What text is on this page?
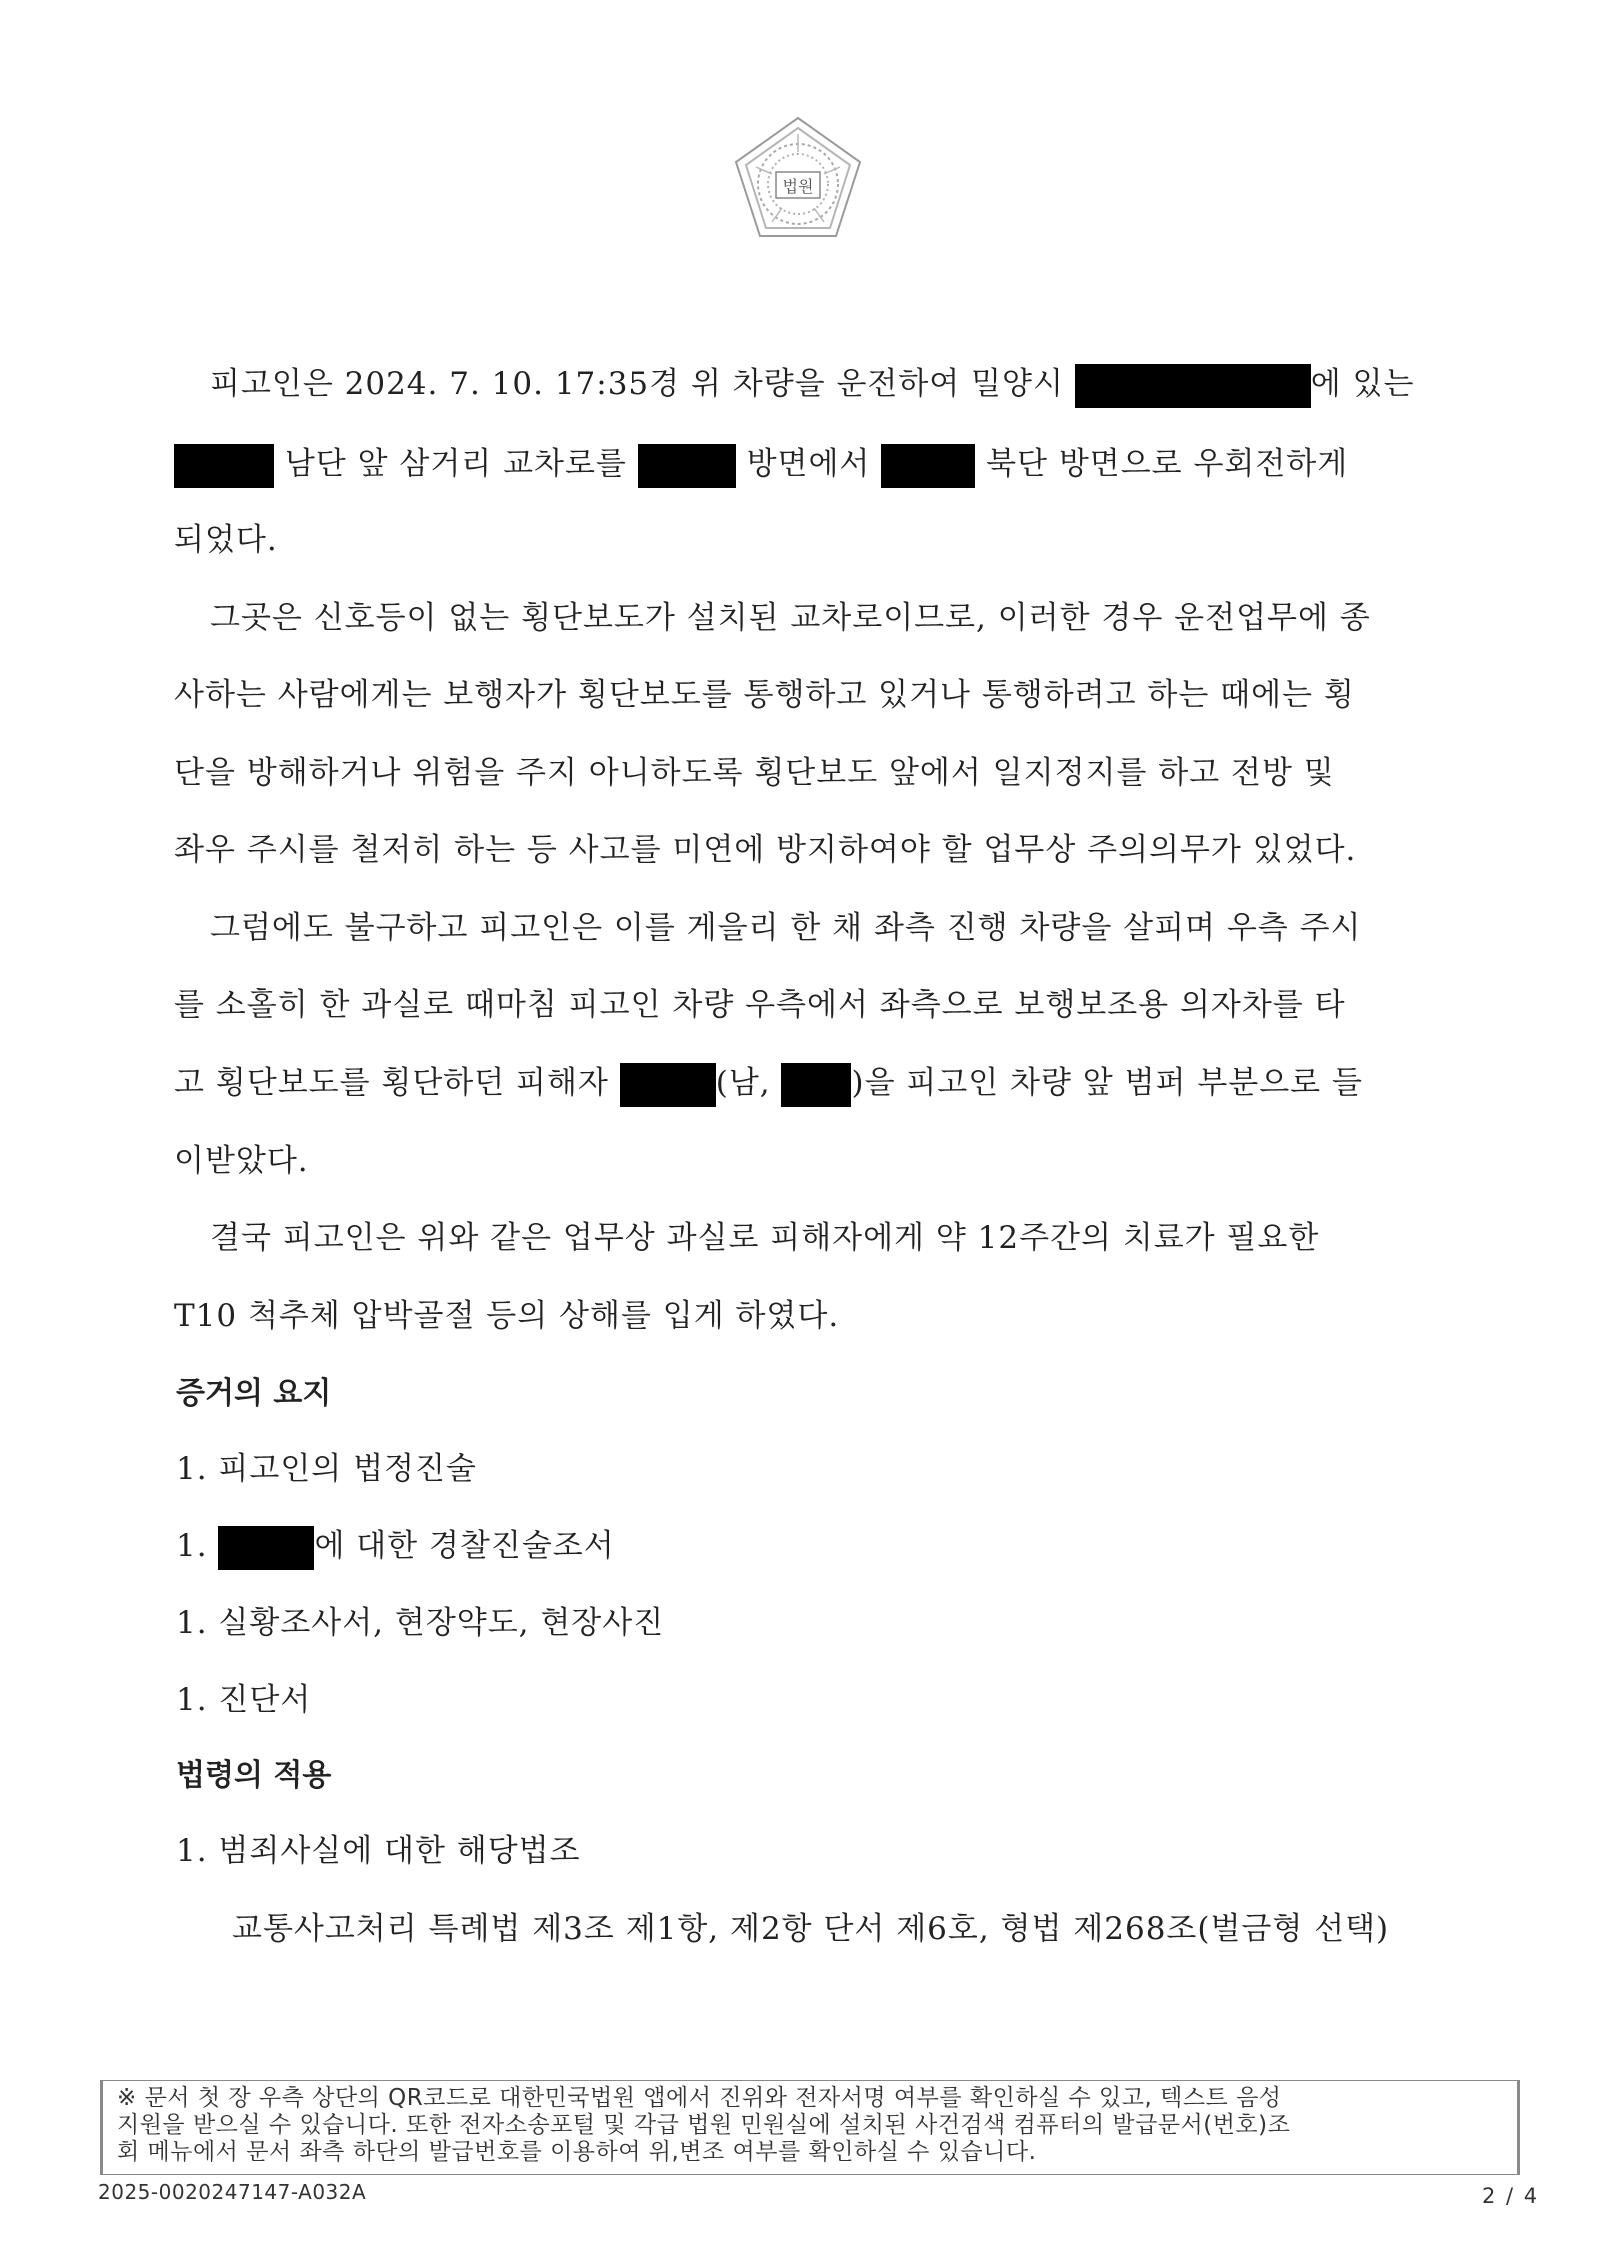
법원
피고인은 2024. 7. 10. 17:35경 위 차량을 운전하여 밀양시	에 있는
남단 앞 삼거리 교차로를	방면에서	북단 방면으로 우회전하게
되었다.
그곳은 신호등이 없는 횡단보도가 설치된 교차로이므로, 이러한 경우 운전업무에 종
사하는 사람에게는 보행자가 횡단보도를 통행하고 있거나 통행하려고 하는 때에는 횡
단을 방해하거나 위험을 주지 아니하도록 횡단보도 앞에서 일지정지를 하고 전방 및
좌우 주시를 철저히 하는 등 사고를 미연에 방지하여야 할 업무상 주의의무가 있었다.
그럼에도 불구하고 피고인은 이를 게을리 한 채 좌측 진행 차량을 살피며 우측 주시
를 소홀히 한 과실로 때마침 피고인 차량 우측에서 좌측으로 보행보조용 의자차를 타
고 횡단보도를 횡단하던 피해자	(남, )을 피고인 차량 앞 범퍼 부분으로 들
이받았다.
결국 피고인은 위와 같은 업무상 과실로 피해자에게 약 12주간의 치료가 필요한
T10 척추체 압박골절 등의 상해를 입게 하였다.
증거의 요지
1. 피고인의 법정진술
1.	에 대한 경찰진술조서
1. 실황조사서, 현장약도, 현장사진
1. 진단서
법령의 적용
1. 범죄사실에 대한 해당법조
교통사고처리 특례법 제3조 제1항, 제2항 단서 제6호, 형법 제268조(벌금형 선택)
※ 문서 첫 장 우측 상단의 QR코드로 대한민국법원 앱에서 진위와 전자서명 여부를 확인하실 수 있고, 텍스트 음성
지원을 받으실 수 있습니다. 또한 전자소송포털 및 각급 법원 민원실에 설치된 사건검색 컴퓨터의 발급문서(번호)조
회 메뉴에서 문서 좌측 하단의 발급번호를 이용하여 위,변조 여부를 확인하실 수 있습니다.
2025-0020247147-A032A	2 / 4
